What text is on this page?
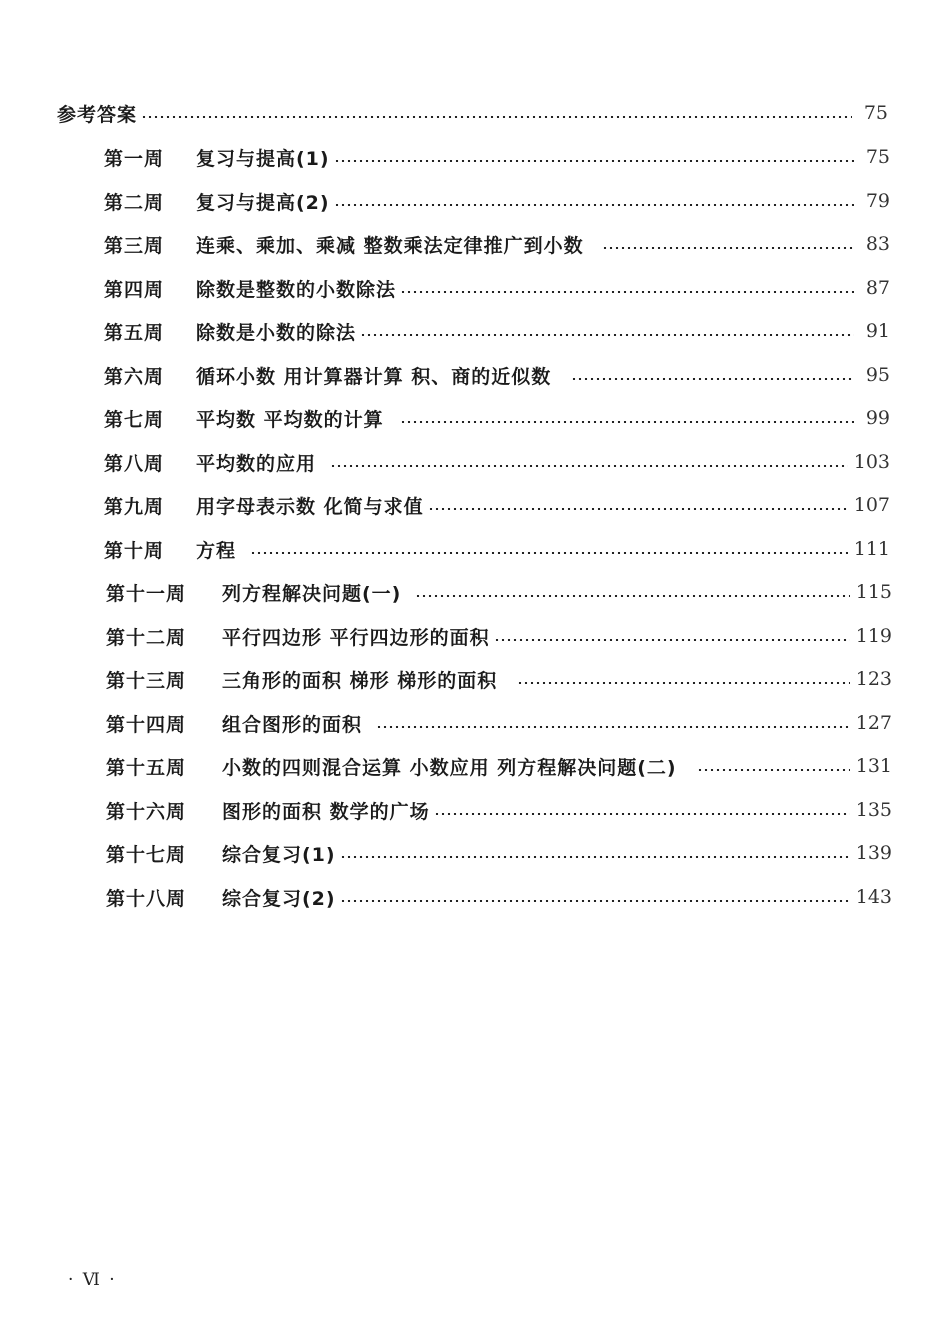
参考答案	75
第一周	复习与提高(1)	75
第二周	复习与提高(2)	79
第三周	连乘、乘加、乘减 整数乘法定律推广到小数	83
第四周	除数是整数的小数除法	87
第五周	除数是小数的除法	91
第六周	循环小数 用计算器计算 积、商的近似数	95
第七周	平均数 平均数的计算	99
第八周	平均数的应用	103
第九周	用字母表示数 化简与求值	107
第十周	方程	111
第十一周	列方程解决问题(一)	115
第十二周	平行四边形 平行四边形的面积	119
第十三周	三角形的面积 梯形 梯形的面积	123
第十四周	组合图形的面积	127
第十五周	小数的四则混合运算 小数应用 列方程解决问题(二)	131
第十六周	图形的面积 数学的广场	135
第十七周	综合复习(1)	139
第十八周	综合复习(2)	143
· Ⅵ ·
